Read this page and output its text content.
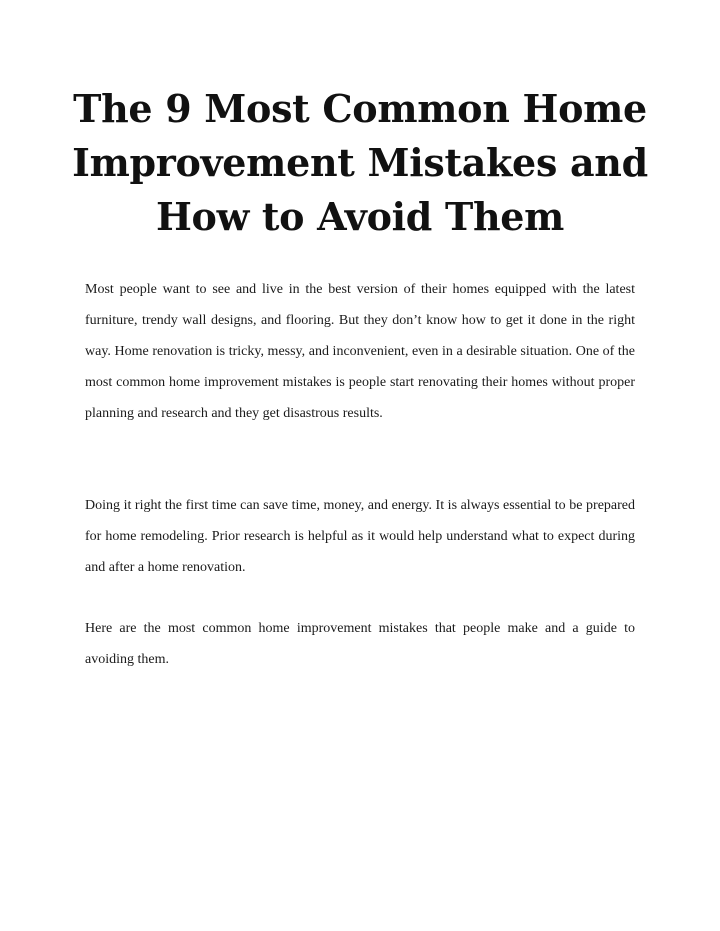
The 9 Most Common Home Improvement Mistakes and How to Avoid Them

Most people want to see and live in the best version of their homes equipped with the latest furniture, trendy wall designs, and flooring. But they don’t know how to get it done in the right way. Home renovation is tricky, messy, and inconvenient, even in a desirable situation. One of the most common home improvement mistakes is people start renovating their homes without proper planning and research and they get disastrous results.

Doing it right the first time can save time, money, and energy. It is always essential to be prepared for home remodeling. Prior research is helpful as it would help understand what to expect during and after a home renovation.

Here are the most common home improvement mistakes that people make and a guide to avoiding them.
